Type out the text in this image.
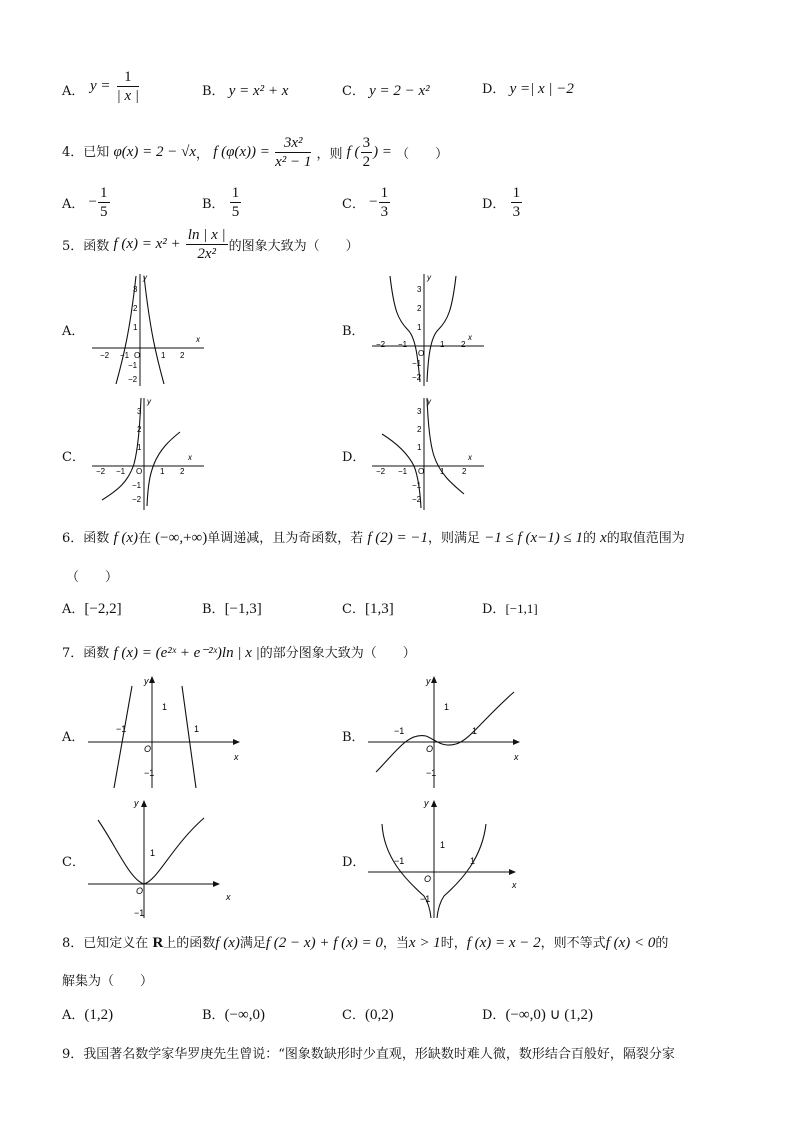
A． $y = \frac{1}{| x |}$	B． y = x² + x	C． y = 2 − x²	D． y =| x | −2
4．已知 φ(x) = 2 − √x， f $(\varphi(x)) = \frac{\text{3x²}}{\text{x² − 1}}$ ，则 f ( $\frac{3}{2}$ ) = （　　）
A． − $\frac{1}{5}$	B． $\frac{1}{5}$	C． − $\frac{1}{3}$	D． $\frac{1}{3}$
5．函数 f $(x) = x^2 + \frac{\ln | x |}{\text{2x²}}$ 的图象大致为（　　）
A．	B．
C．	D．
x
y
−2 −1 O	1 2
3
2
1
−1
−2
x
y
−2 −1
O
1 2
3
2
1
−1
−2
x
y
−2 −1 O 1 2
3
2
1
−1
−2
x
y
−2 −1 O 1 2
3
2
1
−1
−2
6．函数 f (x)在 (−∞,+∞)单调递减，且为奇函数，若 f (2) = −1，则满足 −1 ≤ f (x−1) ≤ 1的 x的取值范围为
（　　）
A．[−2,2]	B．[−1,3]	C．[1,3]	D．[−1,1]
7．函数 f (x) = (e²ˣ + e⁻²ˣ)ln | x |的部分图象大致为（　　）
A．	B．
C．	D．
x
y
O
1
−1
−1	1
x
y
O
1
−1
−1	1
x
y
O
1
−1
x
y
O
1
−1
−1	1
8．已知定义在 R上的函数f (x)满足f (2 − x) + f (x) = 0，当x > 1时，f (x) = x − 2，则不等式f (x) < 0的
解集为（　　）
A．(1,2)	B．(−∞,0)	C．(0,2)	D．(−∞,0) ∪ (1,2)
9．我国著名数学家华罗庚先生曾说：“图象数缺形时少直观，形缺数时难人微，数形结合百般好，隔裂分家
